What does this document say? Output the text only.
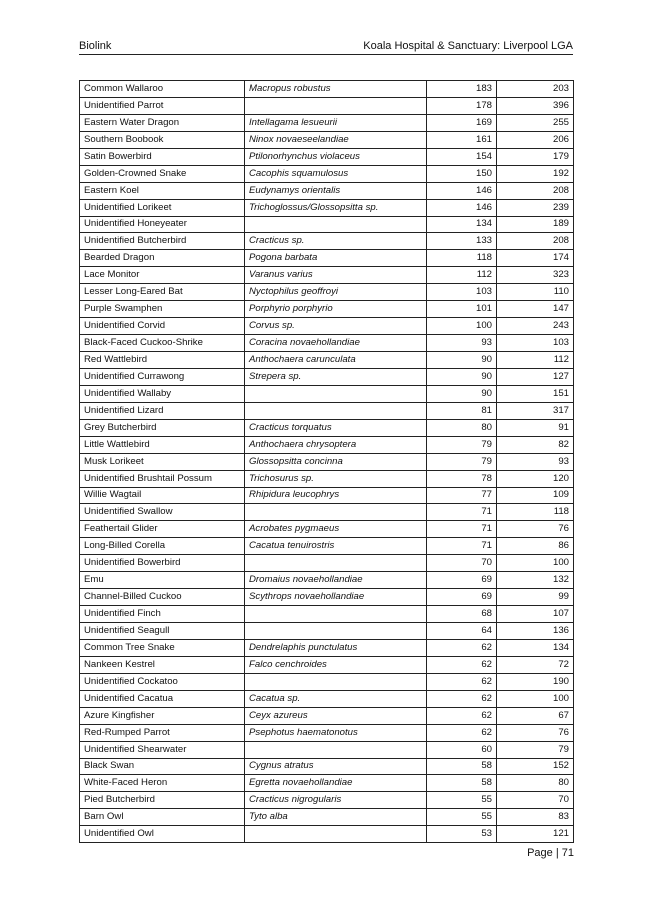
Biolink	Koala Hospital & Sanctuary: Liverpool LGA
Common Wallaroo	Macropus robustus	183	203
Unidentified Parrot		178	396
Eastern Water Dragon	Intellagama lesueurii	169	255
Southern Boobook	Ninox novaeseelandiae	161	206
Satin Bowerbird	Ptilonorhynchus violaceus	154	179
Golden-Crowned Snake	Cacophis squamulosus	150	192
Eastern Koel	Eudynamys orientalis	146	208
Unidentified Lorikeet	Trichoglossus/Glossopsitta sp.	146	239
Unidentified Honeyeater		134	189
Unidentified Butcherbird	Cracticus sp.	133	208
Bearded Dragon	Pogona barbata	118	174
Lace Monitor	Varanus varius	112	323
Lesser Long-Eared Bat	Nyctophilus geoffroyi	103	110
Purple Swamphen	Porphyrio porphyrio	101	147
Unidentified Corvid	Corvus sp.	100	243
Black-Faced Cuckoo-Shrike	Coracina novaehollandiae	93	103
Red Wattlebird	Anthochaera carunculata	90	112
Unidentified Currawong	Strepera sp.	90	127
Unidentified Wallaby		90	151
Unidentified Lizard		81	317
Grey Butcherbird	Cracticus torquatus	80	91
Little Wattlebird	Anthochaera chrysoptera	79	82
Musk Lorikeet	Glossopsitta concinna	79	93
Unidentified Brushtail Possum	Trichosurus sp.	78	120
Willie Wagtail	Rhipidura leucophrys	77	109
Unidentified Swallow		71	118
Feathertail Glider	Acrobates pygmaeus	71	76
Long-Billed Corella	Cacatua tenuirostris	71	86
Unidentified Bowerbird		70	100
Emu	Dromaius novaehollandiae	69	132
Channel-Billed Cuckoo	Scythrops novaehollandiae	69	99
Unidentified Finch		68	107
Unidentified Seagull		64	136
Common Tree Snake	Dendrelaphis punctulatus	62	134
Nankeen Kestrel	Falco cenchroides	62	72
Unidentified Cockatoo		62	190
Unidentified Cacatua	Cacatua sp.	62	100
Azure Kingfisher	Ceyx azureus	62	67
Red-Rumped Parrot	Psephotus haematonotus	62	76
Unidentified Shearwater		60	79
Black Swan	Cygnus atratus	58	152
White-Faced Heron	Egretta novaehollandiae	58	80
Pied Butcherbird	Cracticus nigrogularis	55	70
Barn Owl	Tyto alba	55	83
Unidentified Owl		53	121
Page | 71
